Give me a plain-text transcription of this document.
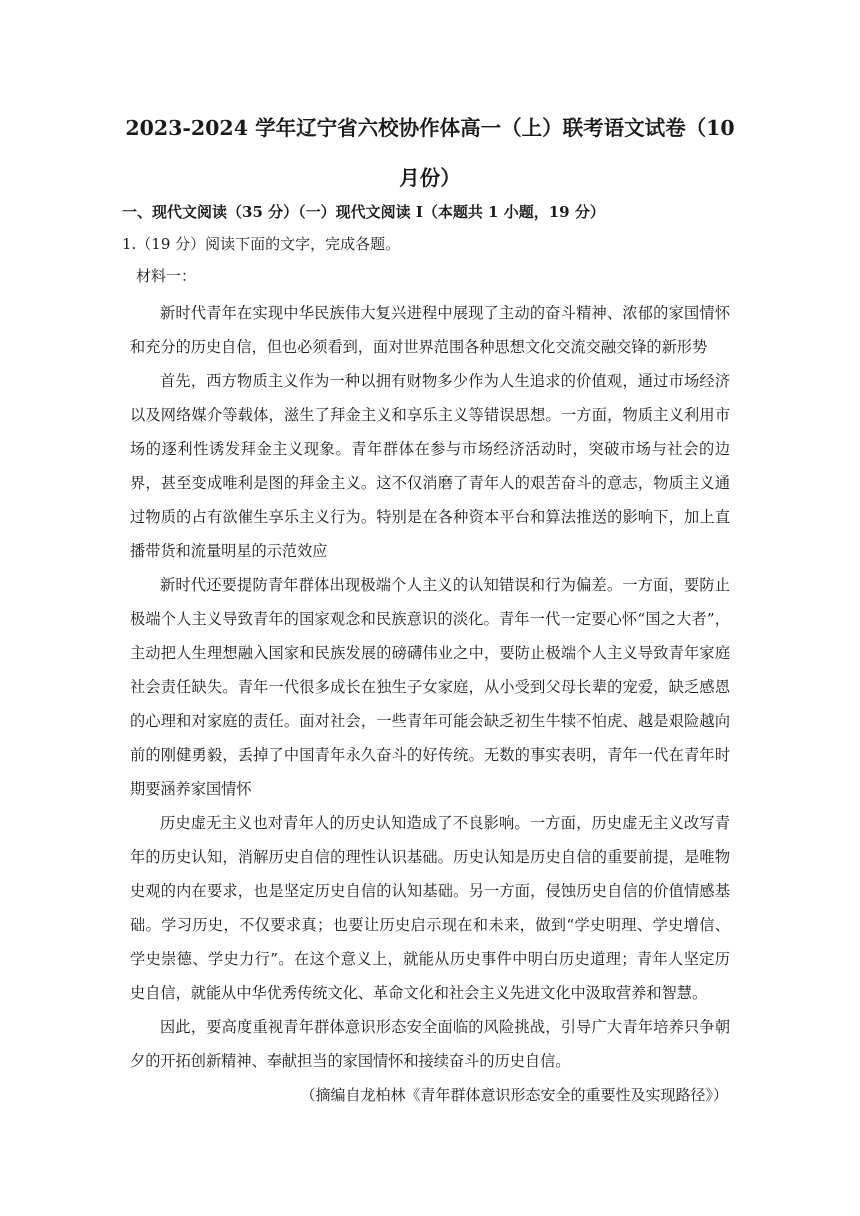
2023-2024 学年辽宁省六校协作体高一（上）联考语文试卷（10 月份）

一、现代文阅读（35 分）（一）现代文阅读 I（本题共 1 小题，19 分）

1.（19 分）阅读下面的文字，完成各题。

材料一：

新时代青年在实现中华民族伟大复兴进程中展现了主动的奋斗精神、浓郁的家国情怀和充分的历史自信，但也必须看到，面对世界范围各种思想文化交流交融交锋的新形势

首先，西方物质主义作为一种以拥有财物多少作为人生追求的价值观，通过市场经济以及网络媒介等载体，滋生了拜金主义和享乐主义等错误思想。一方面，物质主义利用市场的逐利性诱发拜金主义现象。青年群体在参与市场经济活动时，突破市场与社会的边界，甚至变成唯利是图的拜金主义。这不仅消磨了青年人的艰苦奋斗的意志，物质主义通过物质的占有欲催生享乐主义行为。特别是在各种资本平台和算法推送的影响下，加上直播带货和流量明星的示范效应

新时代还要提防青年群体出现极端个人主义的认知错误和行为偏差。一方面，要防止极端个人主义导致青年的国家观念和民族意识的淡化。青年一代一定要心怀“国之大者”，主动把人生理想融入国家和民族发展的磅礴伟业之中，要防止极端个人主义导致青年家庭社会责任缺失。青年一代很多成长在独生子女家庭，从小受到父母长辈的宠爱，缺乏感恩的心理和对家庭的责任。面对社会，一些青年可能会缺乏初生牛犊不怕虎、越是艰险越向前的刚健勇毅，丢掉了中国青年永久奋斗的好传统。无数的事实表明，青年一代在青年时期要涵养家国情怀

历史虚无主义也对青年人的历史认知造成了不良影响。一方面，历史虚无主义改写青年的历史认知，消解历史自信的理性认识基础。历史认知是历史自信的重要前提，是唯物史观的内在要求，也是坚定历史自信的认知基础。另一方面，侵蚀历史自信的价值情感基础。学习历史，不仅要求真；也要让历史启示现在和未来，做到“学史明理、学史增信、学史崇德、学史力行”。在这个意义上，就能从历史事件中明白历史道理；青年人坚定历史自信，就能从中华优秀传统文化、革命文化和社会主义先进文化中汲取营养和智慧。

因此，要高度重视青年群体意识形态安全面临的风险挑战，引导广大青年培养只争朝夕的开拓创新精神、奉献担当的家国情怀和接续奋斗的历史自信。

（摘编自龙柏林《青年群体意识形态安全的重要性及实现路径》）
